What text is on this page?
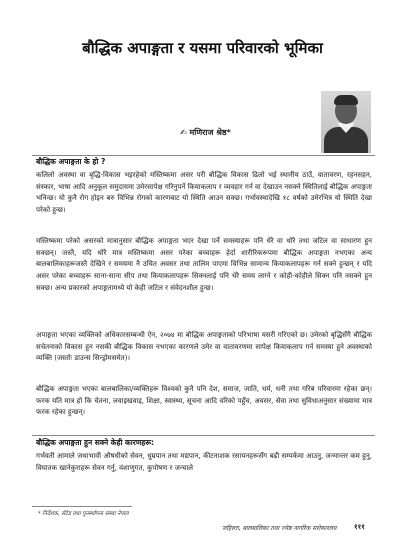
बौद्धिक अपाङ्गता र यसमा परिवारको भूमिका
✍ मणिराज श्रेष्ठ*
बौद्धिक अपाङ्गता के हो ?

कलिलो अवस्था वा बृद्धि-विकास भइरहेको मस्तिष्कमा असर परी बौद्धिक विकास ढिलो भई स्थानीय ठाउँ, वातावरण, रहनसहन, संस्कार, भाषा आदि अनुकूल समुदायमा उमेरसापेक्ष गरिनुपर्ने कियाकलाप र व्यवहार गर्न वा देखाउन नसक्ने स्थितिलाई बौद्धिक अपाङ्गता भनिन्छ। यो कुनै रोग होइन बरु विभिन्न रोगको कारणबाट यो स्थिति आउन सक्छ। गर्भावस्थादेखि १८ वर्षको उमेरभित्र यो स्थिति देखा परेको हुन्छ।

मस्तिष्कमा परेको असरको मात्रानुसार बौद्धिक अपाङ्गता भएर देखा पर्ने समस्याहरू पनि धेरै वा थोरै तथा जटिल वा साधारण हुन सक्छन्। जस्तै, यदि थोरै मात्र मस्तिष्कमा असर परेका बच्चाहरू हेर्दा शारीरिकरूपमा बौद्धिक अपाङ्गता नभएका अन्य बालबालिकाहरूजस्तै देखिने र समयमा नै उचित अवसर तथा तालिम पाएमा विभिन्न सामान्य कियाकलापहरू गर्न सक्ने हुन्छन् र यदि असर परेका बच्चाहरू साना-साना सीप तथा कियाकलापहरू सिक्नलाई पनि धेरै समय लाग्ने र कोही-कोहीले सिक्न पनि नसक्ने हुन सक्छ। अन्य प्रकारको अपाङ्गतामध्ये यो केही जटिल र संवेदनशील हुन्छ।

अपाङ्गता भएका व्यक्तिको अधिकारसम्बन्धी ऐन, २०७४ मा बौद्धिक अपाङ्गताको परिभाषा यसरी गरिएको छ। उमेरको बृद्धिसँगै बौद्धिक सचेतनाको विकास हुन नसकी बौद्धिक विकास नभएका कारणले उमेर वा वातावरणमा सापेक्ष कियाकलाप गर्न समस्या हुने अवस्थाको व्यक्ति (जस्तोः डाउन्स सिन्ड्रोमसमेत)।

बौद्धिक अपाङ्गता भएका बालबालिका/व्यक्तिहरू विश्वको कुनै पनि देश, समाज, जाति, धर्म, धनी तथा गरिब परिवारमा रहेका छन्। फरक यति मात्र हो कि चेतना, लवाइखवाइ, शिक्षा, स्वास्थ्य, सूचना आदि वरिको पहुँच, अवसर, सेवा तथा सुविधाअनुसार संख्यामा मात्र फरक रहेका हुन्छन्।

बौद्धिक अपाङ्गता हुन सक्ने केही कारणहरू:

गर्भवती आमाले जथाभावी औषधीको सेवन, धुम्रपान तथा मद्यपान, कीटनाशक रसायनहरूसँग बढी सम्पर्कमा आउनु, जन्मान्तर कम हुनु, विघातक खानेकुराहरू सेवन गर्नु, वंशाणुगत, कुपोषण र जन्चाले

* निर्देशक, सेटेड तथा पुनर्स्थापना संस्था नेपाल
जहिल्ता, बालबालिका तथा ज्येष्ठ नागरिक सरोकारलय	१११
